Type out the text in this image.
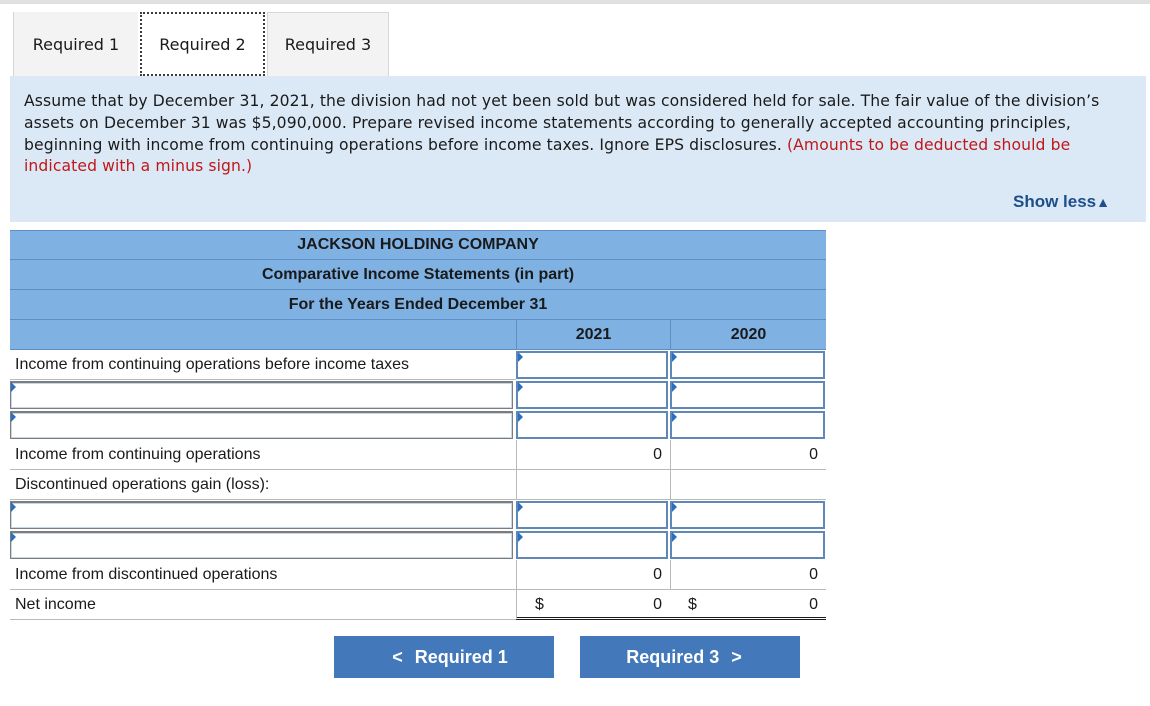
Required 1	Required 2	Required 3
Assume that by December 31, 2021, the division had not yet been sold but was considered held for sale. The fair value of the division’s assets on December 31 was $5,090,000. Prepare revised income statements according to generally accepted accounting principles, beginning with income from continuing operations before income taxes. Ignore EPS disclosures. (Amounts to be deducted should be indicated with a minus sign.)
Show less▲
JACKSON HOLDING COMPANY
Comparative Income Statements (in part)
For the Years Ended December 31
2021	2020
Income from continuing operations before income taxes
Income from continuing operations	0	0
Discontinued operations gain (loss):
Income from discontinued operations	0	0
Net income	$	0	$	0
< Required 1	Required 3 >
